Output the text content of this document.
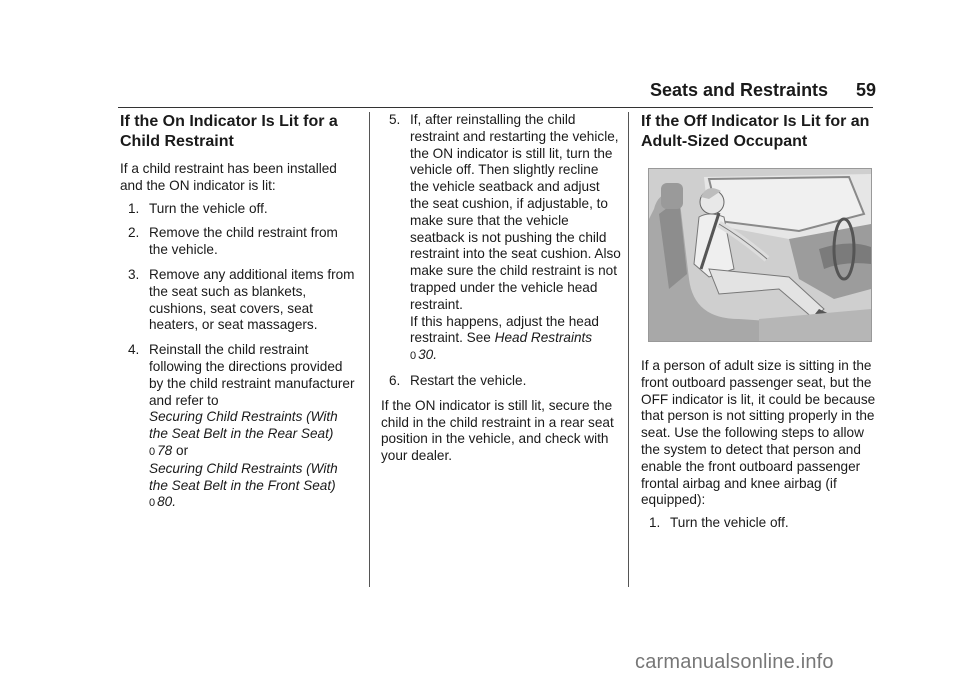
Seats and Restraints 59
If the On Indicator Is Lit for a Child Restraint

If a child restraint has been installed and the ON indicator is lit:

1. Turn the vehicle off.
2. Remove the child restraint from the vehicle.
3. Remove any additional items from the seat such as blankets, cushions, seat covers, seat heaters, or seat massagers.
4. Reinstall the child restraint following the directions provided by the child restraint manufacturer and refer to
Securing Child Restraints (With the Seat Belt in the Rear Seat)
0 78 or
Securing Child Restraints (With the Seat Belt in the Front Seat)
0 80.
5. If, after reinstalling the child restraint and restarting the vehicle, the ON indicator is still lit, turn the vehicle off. Then slightly recline the vehicle seatback and adjust the seat cushion, if adjustable, to make sure that the vehicle seatback is not pushing the child restraint into the seat cushion. Also make sure the child restraint is not trapped under the vehicle head restraint.
If this happens, adjust the head restraint. See Head Restraints
0 30.
6. Restart the vehicle.

If the ON indicator is still lit, secure the child in the child restraint in a rear seat position in the vehicle, and check with your dealer.

If the Off Indicator Is Lit for an Adult-Sized Occupant

If a person of adult size is sitting in the front outboard passenger seat, but the OFF indicator is lit, it could be because that person is not sitting properly in the seat. Use the following steps to allow the system to detect that person and enable the front outboard passenger frontal airbag and knee airbag (if equipped):

1. Turn the vehicle off.
carmanualsonline.info
